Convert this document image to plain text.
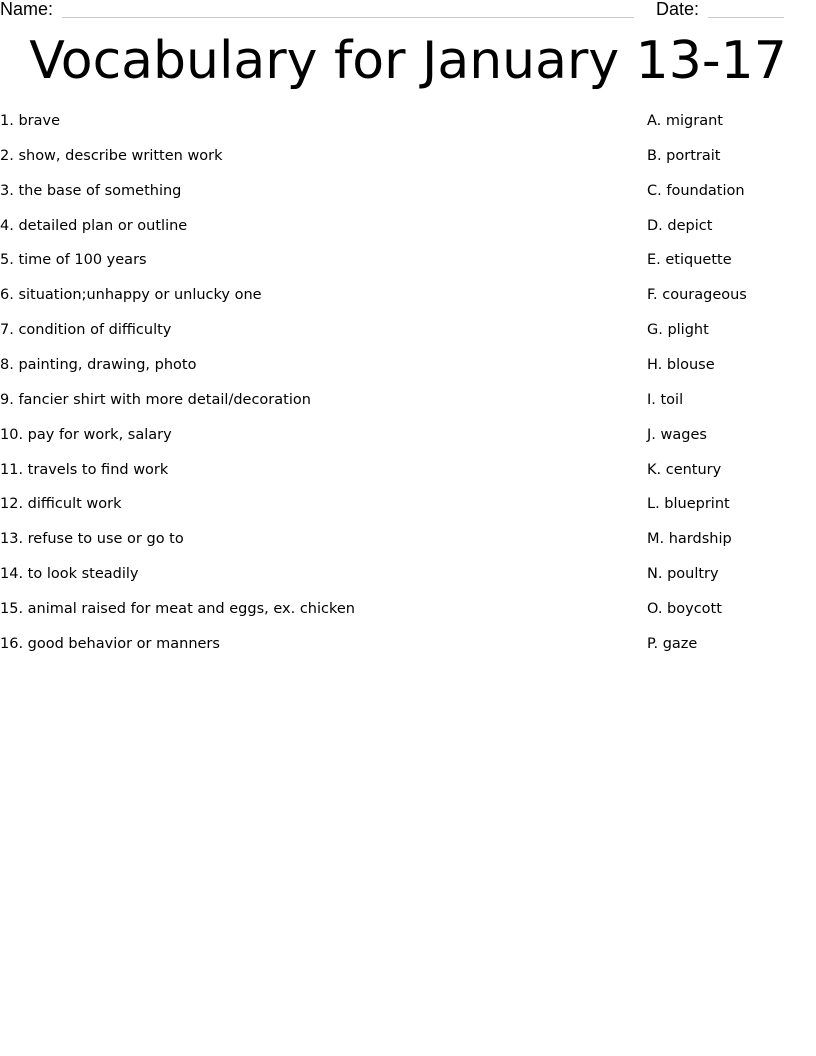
Name:	Date:
Vocabulary for January 13-17
1. brave
2. show, describe written work
3. the base of something
4. detailed plan or outline
5. time of 100 years
6. situation;unhappy or unlucky one
7. condition of difficulty
8. painting, drawing, photo
9. fancier shirt with more detail/decoration
10. pay for work, salary
11. travels to find work
12. difficult work
13. refuse to use or go to
14. to look steadily
15. animal raised for meat and eggs, ex. chicken
16. good behavior or manners
A. migrant
B. portrait
C. foundation
D. depict
E. etiquette
F. courageous
G. plight
H. blouse
I. toil
J. wages
K. century
L. blueprint
M. hardship
N. poultry
O. boycott
P. gaze
